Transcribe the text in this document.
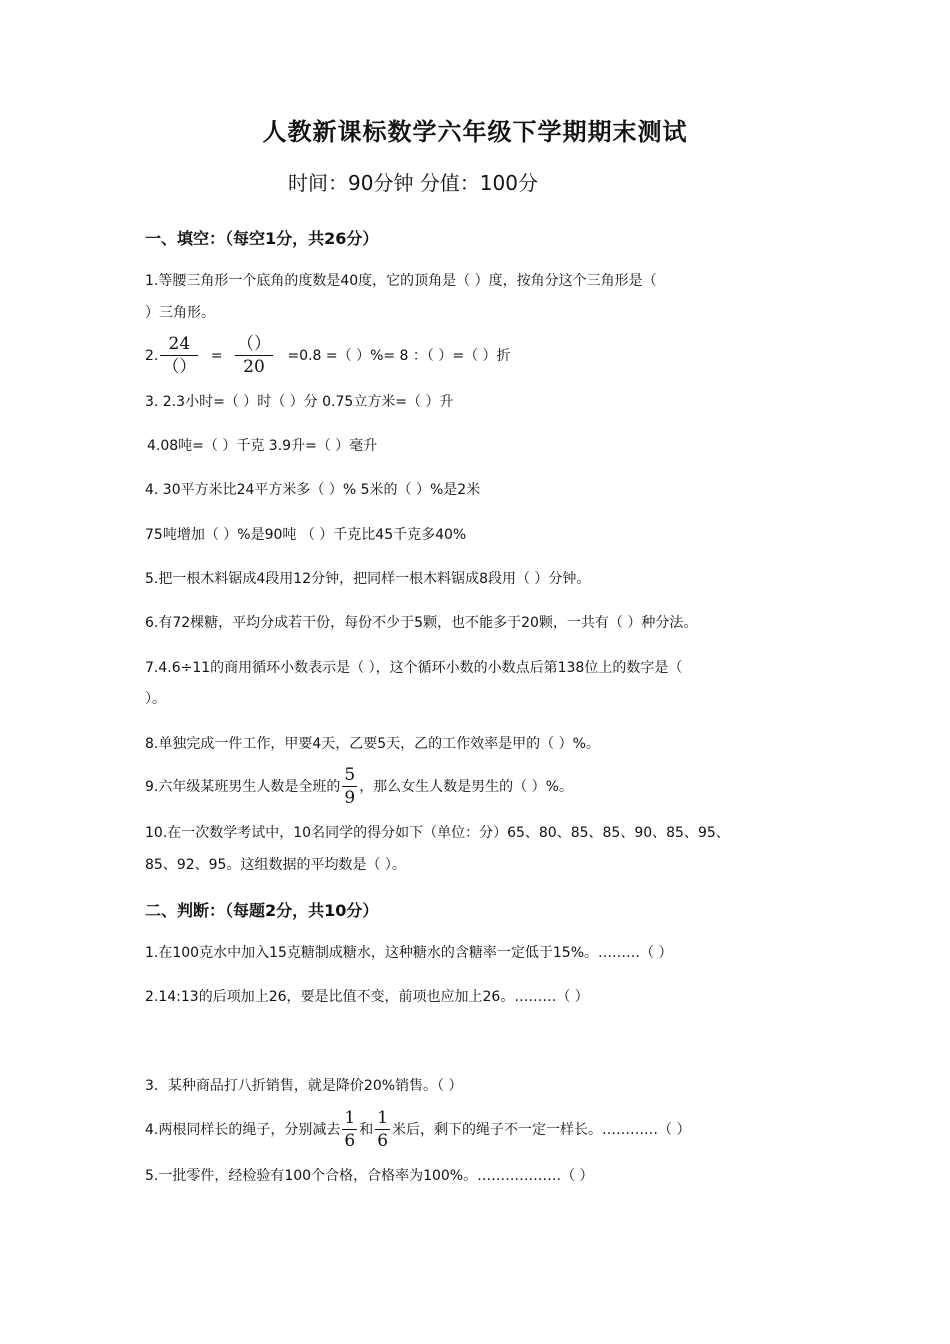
人教新课标数学六年级下学期期末测试
时间：90分钟 分值：100分
一、填空：（每空1分，共26分）
1.等腰三角形一个底角的度数是40度，它的顶角是（ ）度，按角分这个三角形是（
）三角形。
2. $\frac{24}{()} = \frac{()}{20} =0.8$ =（ ）%= 8 ：（ ）=（ ）折
3. 2.3小时=（ ）时（ ）分 0.75立方米=（ ）升
4.08吨=（ ）千克 3.9升=（ ）毫升
4. 30平方米比24平方米多（ ）% 5米的（ ）%是2米
75吨增加（ ）%是90吨 （ ）千克比45千克多40%
5.把一根木料锯成4段用12分钟，把同样一根木料锯成8段用（ ）分钟。
6.有72棵糖，平均分成若干份，每份不少于5颗，也不能多于20颗，一共有（ ）种分法。
7.4.6÷11的商用循环小数表示是（ ），这个循环小数的小数点后第138位上的数字是（
）。
8.单独完成一件工作，甲要4天，乙要5天，乙的工作效率是甲的（ ）%。
9.六年级某班男生人数是全班的 $\frac{5}{9}$ ，那么女生人数是男生的（ ）%。
10.在一次数学考试中，10名同学的得分如下（单位：分）65、80、85、85、90、85、95、
85、92、95。这组数据的平均数是（ ）。
二、判断：（每题2分，共10分）
1.在100克水中加入15克糖制成糖水，这种糖水的含糖率一定低于15%。………（ ）
2.14:13的后项加上26，要是比值不变，前项也应加上26。………（ ）
3．某种商品打八折销售，就是降价20%销售。（ ）
4.两根同样长的绳子，分别减去 $\frac{1}{6}$ 和 $\frac{1}{6}$ 米后，剩下的绳子不一定一样长。…………（ ）
5.一批零件，经检验有100个合格，合格率为100%。………………（ ）
